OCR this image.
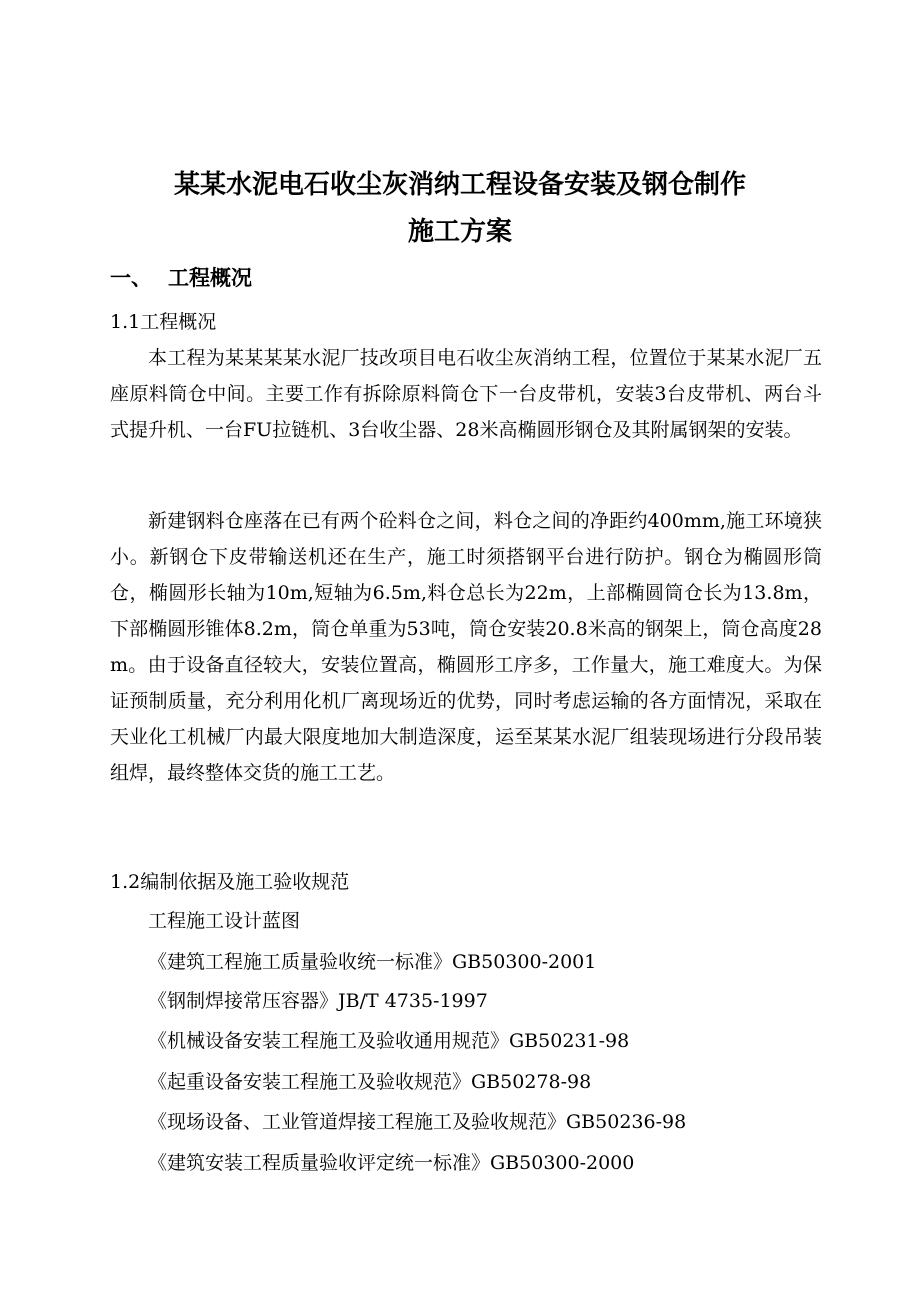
某某水泥电石收尘灰消纳工程设备安装及钢仓制作
施工方案
一、 工程概况
1.1工程概况
本工程为某某某某水泥厂技改项目电石收尘灰消纳工程，位置位于某某水泥厂五座原料筒仓中间。主要工作有拆除原料筒仓下一台皮带机，安装3台皮带机、两台斗式提升机、一台FU拉链机、3台收尘器、28米高椭圆形钢仓及其附属钢架的安装。
新建钢料仓座落在已有两个砼料仓之间，料仓之间的净距约400mm,施工环境狭小。新钢仓下皮带输送机还在生产，施工时须搭钢平台进行防护。钢仓为椭圆形筒仓，椭圆形长轴为10m,短轴为6.5m,料仓总长为22m，上部椭圆筒仓长为13.8m，下部椭圆形锥体8.2m，筒仓单重为53吨，筒仓安装20.8米高的钢架上，筒仓高度28m。由于设备直径较大，安装位置高，椭圆形工序多，工作量大，施工难度大。为保证预制质量，充分利用化机厂离现场近的优势，同时考虑运输的各方面情况，采取在天业化工机械厂内最大限度地加大制造深度，运至某某水泥厂组装现场进行分段吊装组焊，最终整体交货的施工工艺。
1.2编制依据及施工验收规范
工程施工设计蓝图
《建筑工程施工质量验收统一标准》GB50300-2001
《钢制焊接常压容器》JB/T 4735-1997
《机械设备安装工程施工及验收通用规范》GB50231-98
《起重设备安装工程施工及验收规范》GB50278-98
《现场设备、工业管道焊接工程施工及验收规范》GB50236-98
《建筑安装工程质量验收评定统一标准》GB50300-2000
